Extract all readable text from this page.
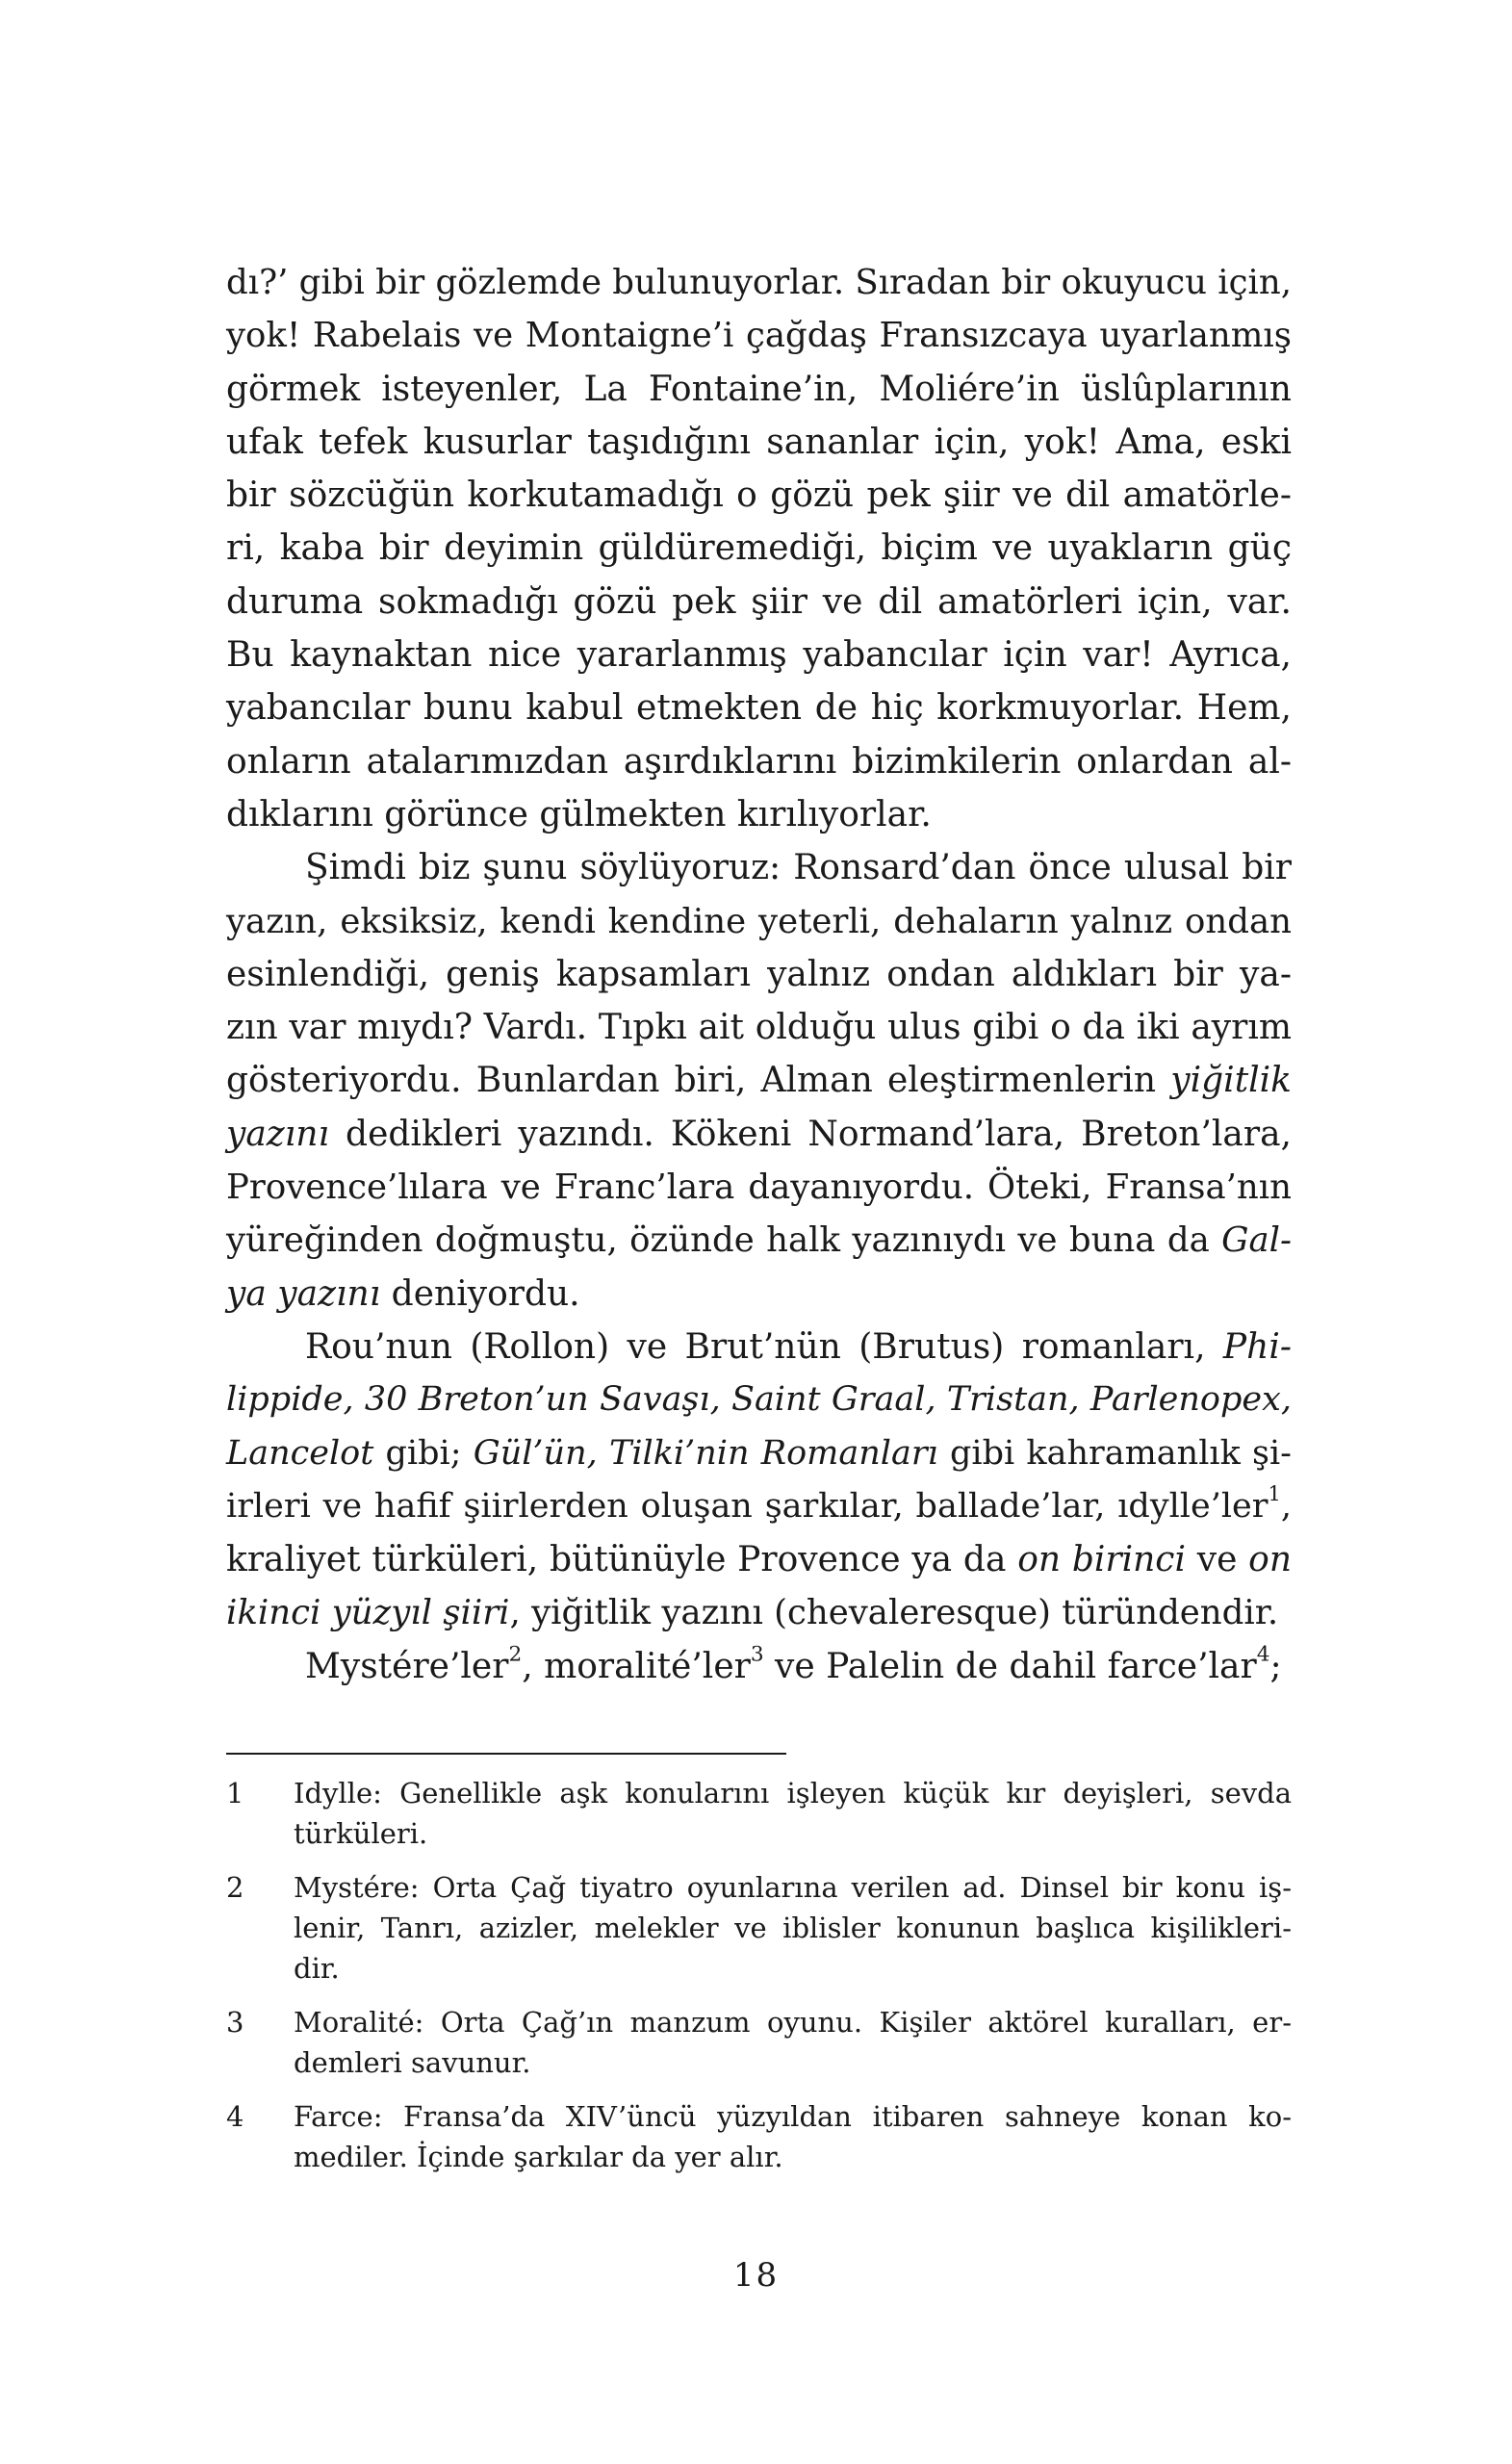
dı?’ gibi bir gözlemde bulunuyorlar. Sıradan bir okuyucu için,
yok! Rabelais ve Montaigne’i çağdaş Fransızcaya uyarlanmış
görmek isteyenler, La Fontaine’in, Moliére’in üslûplarının
ufak tefek kusurlar taşıdığını sananlar için, yok! Ama, eski
bir sözcüğün korkutamadığı o gözü pek şiir ve dil amatörle-
ri, kaba bir deyimin güldüremediği, biçim ve uyakların güç
duruma sokmadığı gözü pek şiir ve dil amatörleri için, var.
Bu kaynaktan nice yararlanmış yabancılar için var! Ayrıca,
yabancılar bunu kabul etmekten de hiç korkmuyorlar. Hem,
onların atalarımızdan aşırdıklarını bizimkilerin onlardan al-
dıklarını görünce gülmekten kırılıyorlar.

Şimdi biz şunu söylüyoruz: Ronsard’dan önce ulusal bir
yazın, eksiksiz, kendi kendine yeterli, dehaların yalnız ondan
esinlendiği, geniş kapsamları yalnız ondan aldıkları bir ya-
zın var mıydı? Vardı. Tıpkı ait olduğu ulus gibi o da iki ayrım
gösteriyordu. Bunlardan biri, Alman eleştirmenlerin yiğitlik
yazını dedikleri yazındı. Kökeni Normand’lara, Breton’lara,
Provence’lılara ve Franc’lara dayanıyordu. Öteki, Fransa’nın
yüreğinden doğmuştu, özünde halk yazınıydı ve buna da Gal-
ya yazını deniyordu.

Rou’nun (Rollon) ve Brut’nün (Brutus) romanları, Phi-
lippide, 30 Breton’un Savaşı, Saint Graal, Tristan, Parlenopex,
Lancelot gibi; Gül’ün, Tilki’nin Romanları gibi kahramanlık şi-
irleri ve hafif şiirlerden oluşan şarkılar, ballade’lar, ıdylle’ler$^1$,
kraliyet türküleri, bütünüyle Provence ya da on birinci ve on
ikinci yüzyıl şiiri, yiğitlik yazını (chevaleresque) türündendir.

Mystére’ler$^2$, moralité’ler$^3$ ve Palelin de dahil farce’lar$^4$;

1 Idylle: Genellikle aşk konularını işleyen küçük kır deyişleri, sevda
türküleri.
2 Mystére: Orta Çağ tiyatro oyunlarına verilen ad. Dinsel bir konu iş-
lenir, Tanrı, azizler, melekler ve iblisler konunun başlıca kişilikleri-
dir.
3 Moralité: Orta Çağ’ın manzum oyunu. Kişiler aktörel kuralları, er-
demleri savunur.
4 Farce: Fransa’da XIV’üncü yüzyıldan itibaren sahneye konan ko-
mediler. İçinde şarkılar da yer alır.
18
